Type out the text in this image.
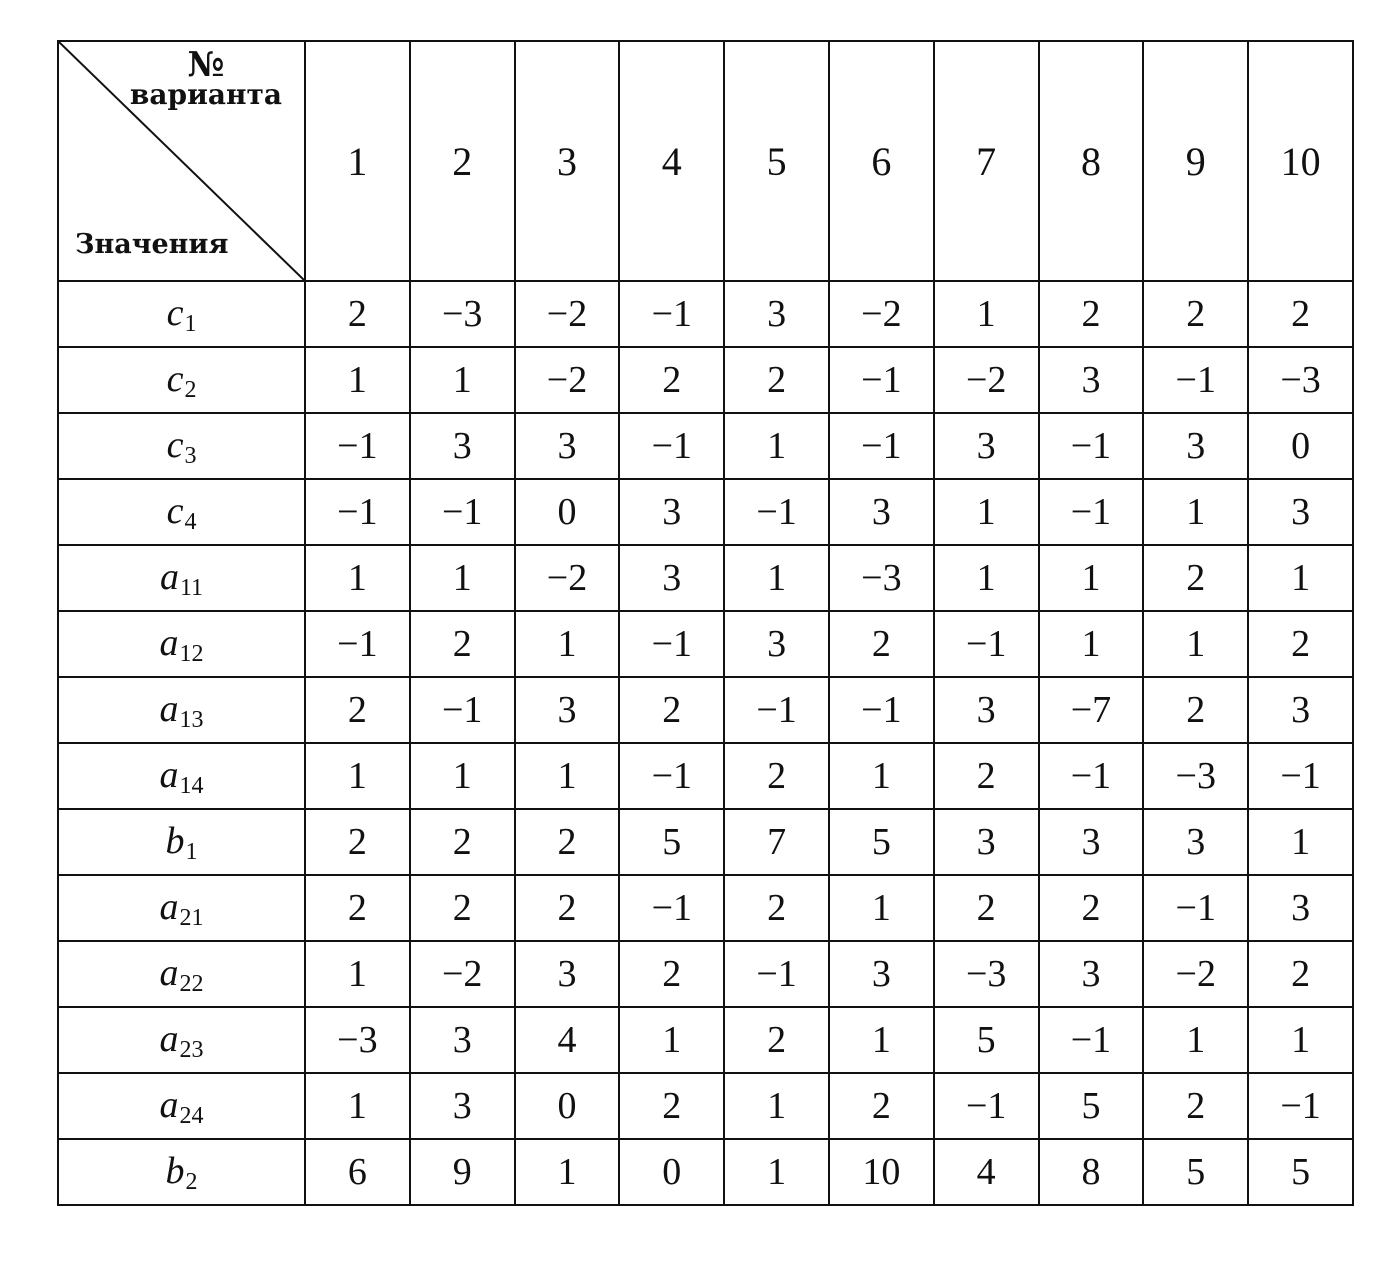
№
варианта
Значения	1	2	3	4	5	6	7	8	9	10
$c_1$	2	−3	−2	−1	3	−2	1	2	2	2
$c_2$	1	1	−2	2	2	−1	−2	3	−1	−3
$c_3$	−1	3	3	−1	1	−1	3	−1	3	0
$c_4$	−1	−1	0	3	−1	3	1	−1	1	3
$a_{11}$	1	1	−2	3	1	−3	1	1	2	1
$a_{12}$	−1	2	1	−1	3	2	−1	1	1	2
$a_{13}$	2	−1	3	2	−1	−1	3	−7	2	3
$a_{14}$	1	1	1	−1	2	1	2	−1	−3	−1
$b_1$	2	2	2	5	7	5	3	3	3	1
$a_{21}$	2	2	2	−1	2	1	2	2	−1	3
$a_{22}$	1	−2	3	2	−1	3	−3	3	−2	2
$a_{23}$	−3	3	4	1	2	1	5	−1	1	1
$a_{24}$	1	3	0	2	1	2	−1	5	2	−1
$b_2$	6	9	1	0	1	10	4	8	5	5
